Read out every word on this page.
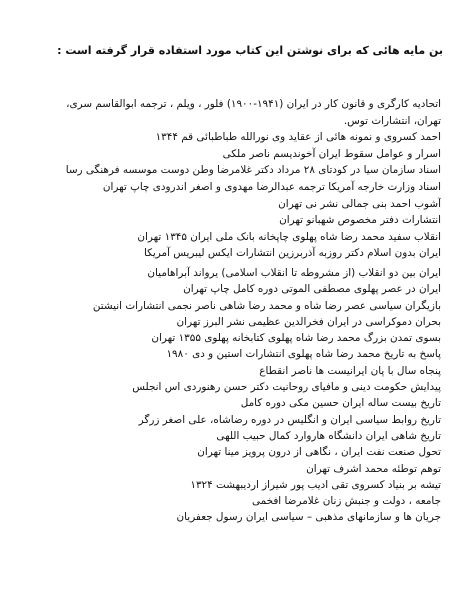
بن مایه هائی که برای نوشتن این کتاب مورد استفاده قرار گرفته است :
اتحادیه کارگری و قانون کار در ایران (۱۹۴۱-۱۹۰۰) فلور ، ویلم ، ترجمه ابوالقاسم سری،
تهران، انتشارات توس.
احمد کسروی و نمونه هائی از عقاید وی نورالله طباطبائی قم ۱۳۴۴
اسرار و عوامل سقوط ایران آخوندیسم ناصر ملکی
اسناد سازمان سیا در کودتای ۲۸ مرداد دکتر غلامرضا وطن دوست موسسه فرهنگی رسا
اسناد وزارت خارجه آمریکا ترجمه عبدالرضا مهدوی و اصغر اندرودی چاپ تهران
آشوب احمد بنی جمالی نشر نی تهران
انتشارات دفتر مخصوص شهبانو تهران
انقلاب سفید محمد رضا شاه پهلوی چاپخانه بانک ملی ایران ۱۳۴۵ تهران
ایران بدون اسلام دکتر روزبه آذربرزین انتشارات ایکس لیبریس آمریکا
ایران بین دو انقلاب (از مشروطه تا انقلاب اسلامی) یرواند آبراهامیان
ایران در عصر پهلوی مصطفی الموتی دوره کامل چاپ تهران
بازیگران سیاسی عصر رضا شاه و محمد رضا شاهی ناصر نجمی انتشارات انیشتن
بحران دموکراسی در ایران فخرالدین عظیمی نشر البرز تهران
بسوی تمدن بزرگ محمد رضا شاه پهلوی کتابخانه پهلوی ۱۳۵۵ تهران
پاسخ به تاریخ محمد رضا شاه پهلوی انتشارات استین و دی ۱۹۸۰
پنجاه سال با پان ایرانیست ها ناصر انقطاع
پیدایش حکومت دینی و مافیای روحانیت دکتر حسن رهنوردی اس انجلس
تاریخ بیست ساله ایران حسین مکی دوره کامل
تاریخ روابط سیاسی ایران و انگلیس در دوره رضاشاه، علی اصغر زرگر
تاریخ شاهی ایران دانشگاه هاروارد کمال حبیب اللهی
تحول صنعت نفت ایران ، نگاهی از درون پرویز مینا تهران
توهم توطئه محمد اشرف تهران
تیشه بر بنیاد کسروی تقی ادیب پور شیراز اردیبهشت ۱۳۲۴
جامعه ، دولت و جنبش زنان غلامرضا افخمی
جریان ها و سازمانهای مذهبی – سیاسی ایران رسول جعفریان
